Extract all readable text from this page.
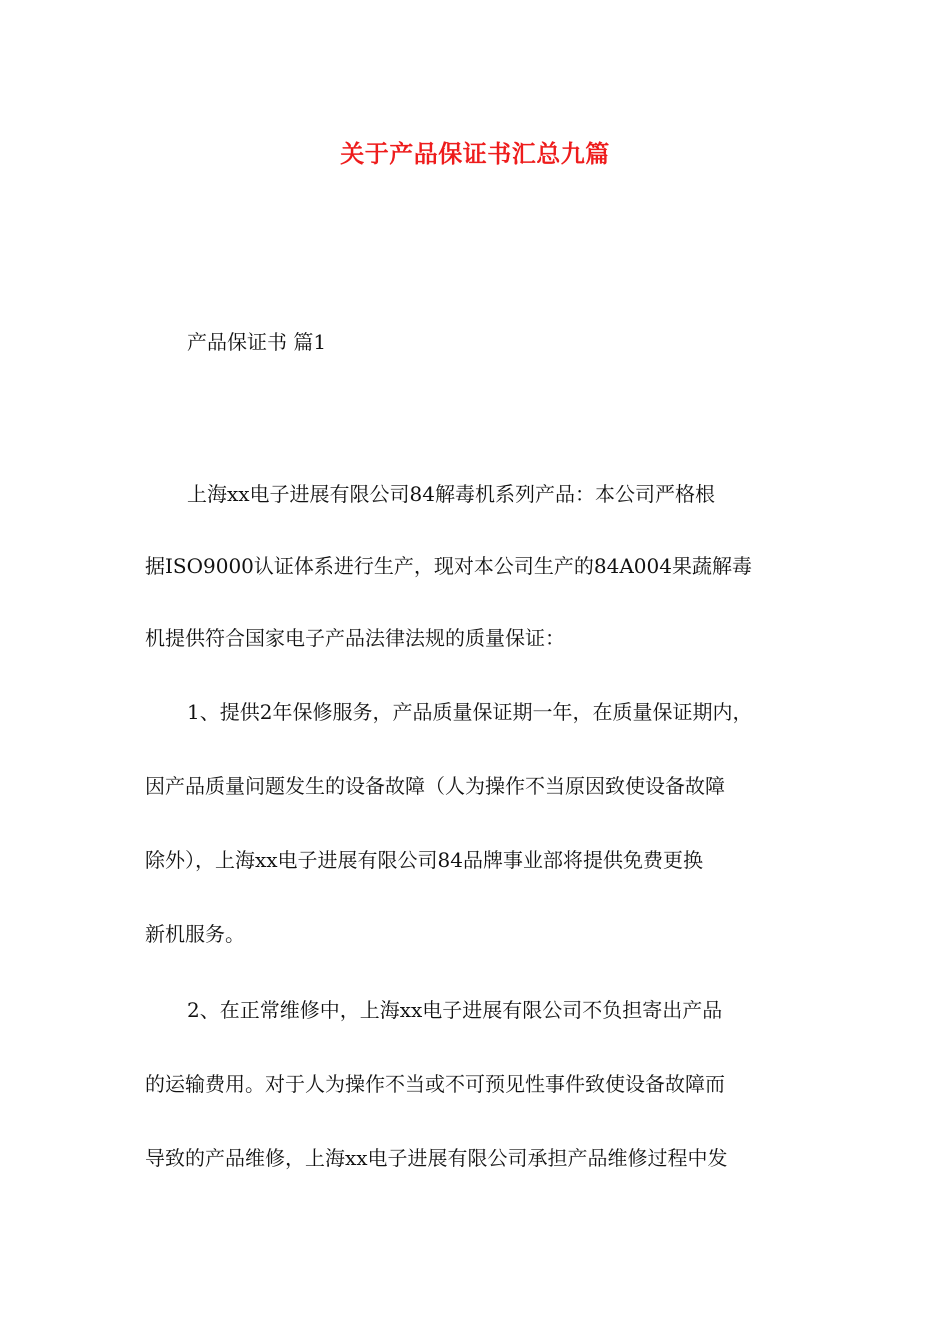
关于产品保证书汇总九篇

产品保证书 篇1

上海xx电子进展有限公司84解毒机系列产品：本公司严格根

据ISO9000认证体系进行生产，现对本公司生产的84A004果蔬解毒

机提供符合国家电子产品法律法规的质量保证：

1、提供2年保修服务，产品质量保证期一年，在质量保证期内，

因产品质量问题发生的设备故障（人为操作不当原因致使设备故障

除外），上海xx电子进展有限公司84品牌事业部将提供免费更换

新机服务。

2、在正常维修中，上海xx电子进展有限公司不负担寄出产品

的运输费用。对于人为操作不当或不可预见性事件致使设备故障而

导致的产品维修，上海xx电子进展有限公司承担产品维修过程中发
